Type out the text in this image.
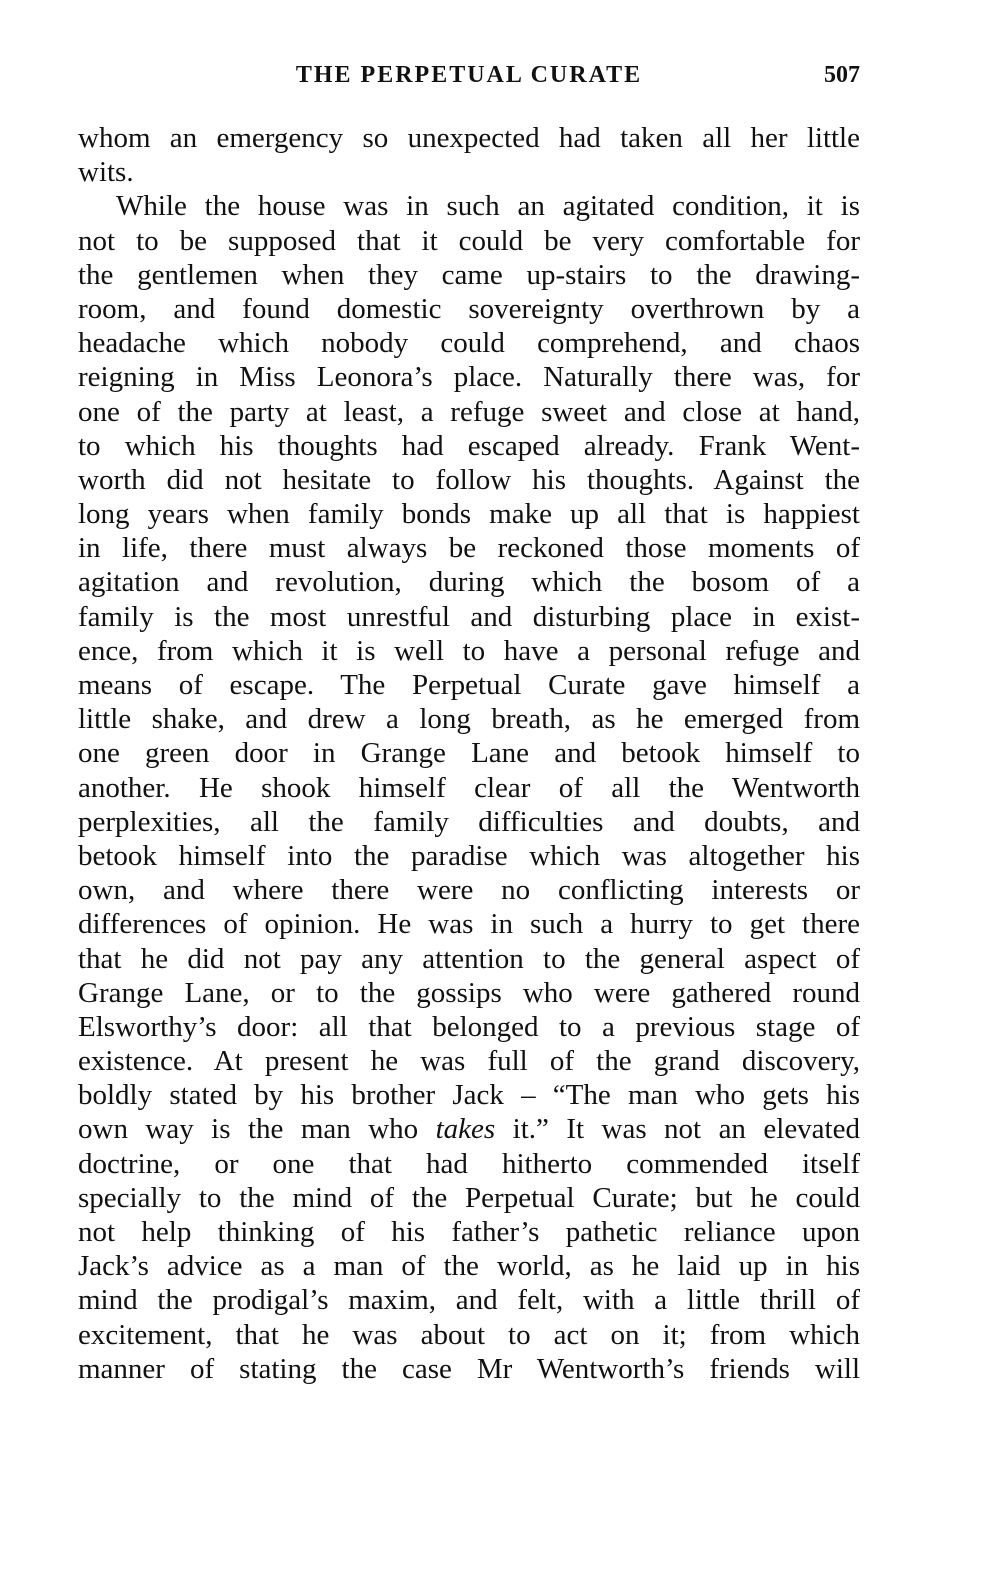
THE PERPETUAL CURATE	507
whom an emergency so unexpected had taken all her little
wits.
While the house was in such an agitated condition, it is
not to be supposed that it could be very comfortable for
the gentlemen when they came up-stairs to the drawing-
room, and found domestic sovereignty overthrown by a
headache which nobody could comprehend, and chaos
reigning in Miss Leonora’s place. Naturally there was, for
one of the party at least, a refuge sweet and close at hand,
to which his thoughts had escaped already. Frank Went-
worth did not hesitate to follow his thoughts. Against the
long years when family bonds make up all that is happiest
in life, there must always be reckoned those moments of
agitation and revolution, during which the bosom of a
family is the most unrestful and disturbing place in exist-
ence, from which it is well to have a personal refuge and
means of escape. The Perpetual Curate gave himself a
little shake, and drew a long breath, as he emerged from
one green door in Grange Lane and betook himself to
another. He shook himself clear of all the Wentworth
perplexities, all the family difficulties and doubts, and
betook himself into the paradise which was altogether his
own, and where there were no conflicting interests or
differences of opinion. He was in such a hurry to get there
that he did not pay any attention to the general aspect of
Grange Lane, or to the gossips who were gathered round
Elsworthy’s door: all that belonged to a previous stage of
existence. At present he was full of the grand discovery,
boldly stated by his brother Jack – “The man who gets his
own way is the man who takes it.” It was not an elevated
doctrine, or one that had hitherto commended itself
specially to the mind of the Perpetual Curate; but he could
not help thinking of his father’s pathetic reliance upon
Jack’s advice as a man of the world, as he laid up in his
mind the prodigal’s maxim, and felt, with a little thrill of
excitement, that he was about to act on it; from which
manner of stating the case Mr Wentworth’s friends will
